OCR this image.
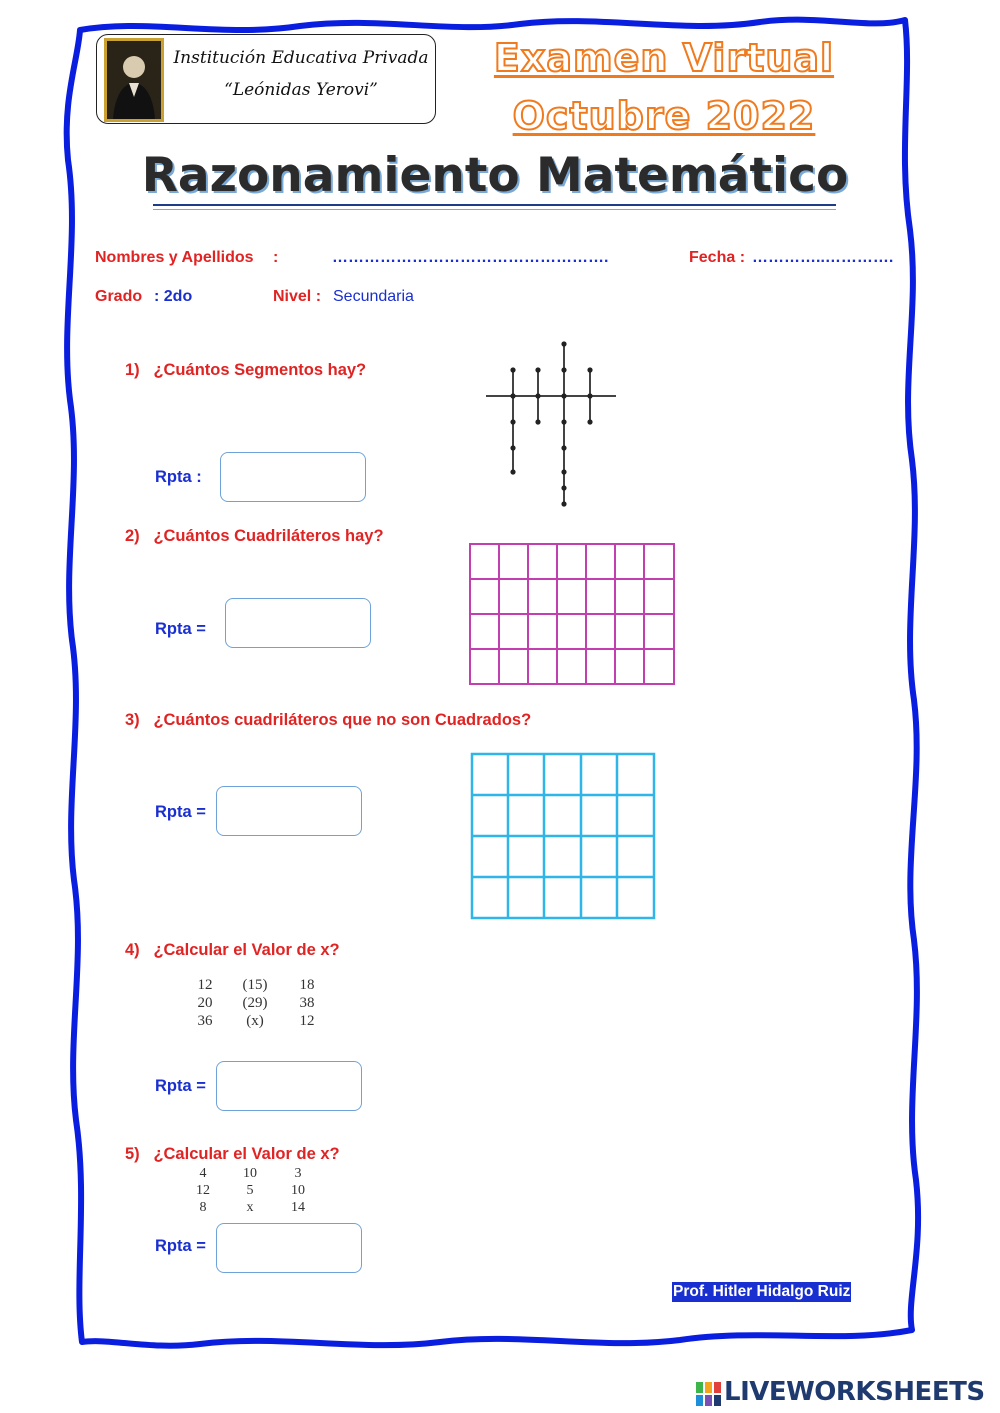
Institución Educativa Privada
“Leónidas Yerovi”
Examen Virtual
Octubre 2022
Razonamiento Matemático
Nombres y Apellidos :	…………………………………………….	Fecha : …………..………….
Grado : 2do	Nivel : Secundaria
1) ¿Cuántos Segmentos hay?
Rpta :
2) ¿Cuántos Cuadriláteros hay?
Rpta =
3) ¿Cuántos cuadriláteros que no son Cuadrados?
Rpta =
4) ¿Calcular el Valor de x?
12	(15)	18
20	(29)	38
36	(x)	12
Rpta =
5) ¿Calcular el Valor de x?
4	10	3
12	5	10
8	x	14
Rpta =
Prof. Hitler Hidalgo Ruiz
LIVEWORKSHEETS
